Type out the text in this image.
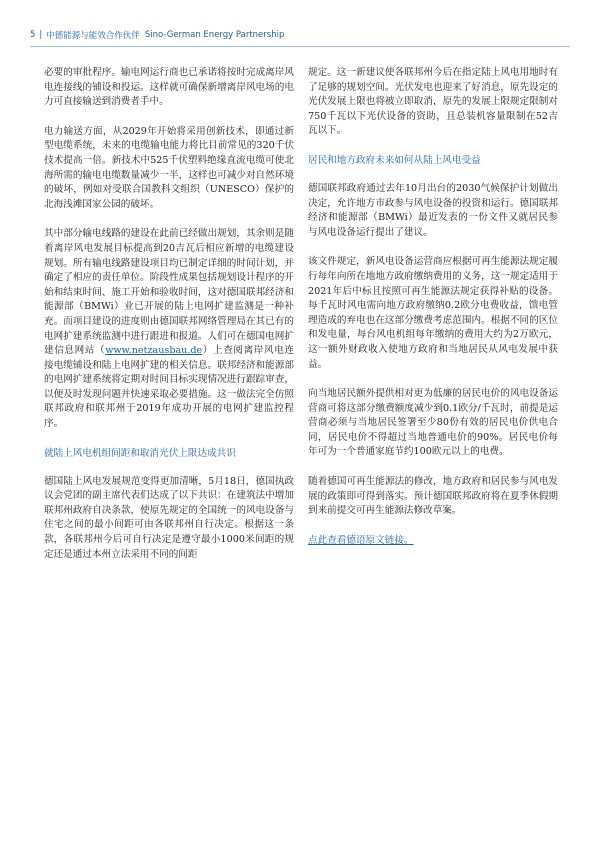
5 | 中德能源与能效合作伙伴 Sino-German Energy Partnership

必要的审批程序。输电网运行商也已承诺将按时完成离岸风电连接线的铺设和投运。这样就可确保新增离岸风电场的电力可直接输送到消费者手中。

电力输送方面，从2029年开始将采用创新技术，即通过新型电缆系统，未来的电缆输电能力将比目前常见的320千伏技术提高一倍。新技术中525千伏塑料绝缘直流电缆可使北海所需的输电电缆数量减少一半，这样也可减少对自然环境的破坏，例如对受联合国教科文组织（UNESCO）保护的北海浅滩国家公园的破坏。

其中部分输电线路的建设在此前已经做出规划，其余则是随着离岸风电发展目标提高到20吉瓦后相应新增的电缆建设规划。所有输电线路建设项目均已制定详细的时间计划，并确定了相应的责任单位。阶段性成果包括规划设计程序的开始和结束时间、施工开始和验收时间，这对德国联邦经济和能源部（BMWi）业已开展的陆上电网扩建监测是一种补充。而项目建设的进度则由德国联邦网络管理局在其已有的电网扩建系统监测中进行跟进和报道。人们可在德国电网扩建信息网站（www.netzausbau.de）上查阅离岸风电连接电缆铺设和陆上电网扩建的相关信息。联邦经济和能源部的电网扩建系统将定期对时间目标实现情况进行跟踪审查，以便及时发现问题并快速采取必要措施。这一做法完全仿照联邦政府和联邦州于2019年成功开展的电网扩建监控程序。

就陆上风电机组间距和取消光伏上限达成共识

德国陆上风电发展规范变得更加清晰，5月18日，德国执政议会党团的副主席代表们达成了以下共识：在建筑法中增加联邦州政府自决条款，使原先规定的全国统一的风电设备与住宅之间的最小间距可由各联邦州自行决定。根据这一条款，各联邦州今后可自行决定是遵守最小1000米间距的规定还是通过本州立法采用不同的间距

规定。这一新建议使各联邦州今后在指定陆上风电用地时有了足够的规划空间。光伏发电也迎来了好消息，原先设定的光伏发展上限也将被立即取消，原先的发展上限规定限制对750千瓦以下光伏设备的资助，且总装机容量限制在52吉瓦以下。

居民和地方政府未来如何从陆上风电受益

德国联邦政府通过去年10月出台的2030气候保护计划做出决定，允许地方市政参与风电设备的投资和运行。德国联邦经济和能源部（BMWi）最近发表的一份文件又就居民参与风电设备运行提出了建议。

该文件规定，新风电设备运营商应根据可再生能源法规定履行每年向所在地地方政府缴纳费用的义务，这一规定适用于2021年后中标且按照可再生能源法规定获得补贴的设备。每千瓦时风电需向地方政府缴纳0.2欧分电费收益，馈电管理造成的弃电也在这部分缴费考虑范围内。根据不同的区位和发电量，每台风电机组每年缴纳的费用大约为2万欧元，这一额外财政收入使地方政府和当地居民从风电发展中获益。

向当地居民额外提供相对更为低廉的居民电价的风电设备运营商可将这部分缴费额度减少到0.1欧分/千瓦时，前提是运营商必须与当地居民签署至少80份有效的居民电价供电合同，居民电价不得超过当地普通电价的90%。居民电价每年可为一个普通家庭节约100欧元以上的电费。

随着德国可再生能源法的修改，地方政府和居民参与风电发展的政策即可得到落实。预计德国联邦政府将在夏季休假期到来前提交可再生能源法修改草案。

点此查看德语原文链接。
